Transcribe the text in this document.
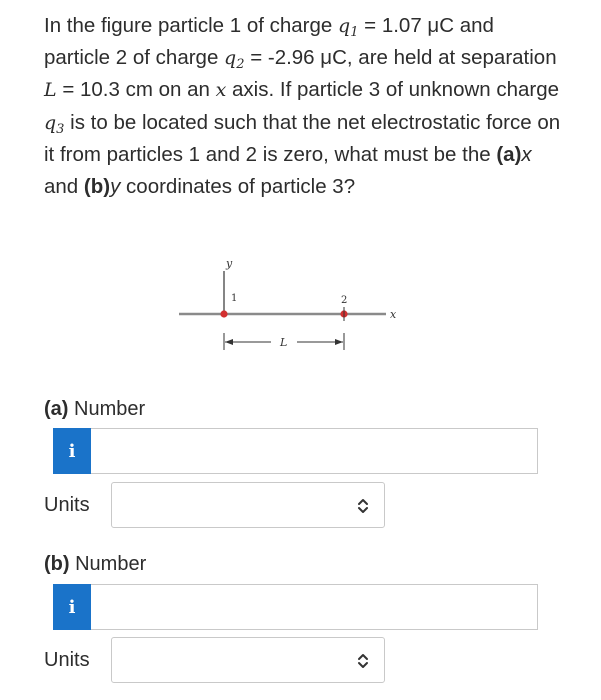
In the figure particle 1 of charge $q_1 = 1.07$ μC and particle 2 of charge $q_2 = -2.96$ μC, are held at separation L = 10.3 cm on an x axis. If particle 3 of unknown charge $q_3$ is to be located such that the net electrostatic force on it from particles 1 and 2 is zero, what must be the (a)x and (b)y coordinates of particle 3?
y
x
1	2
L
(a) Number
i
Units
(b) Number
i
Units
